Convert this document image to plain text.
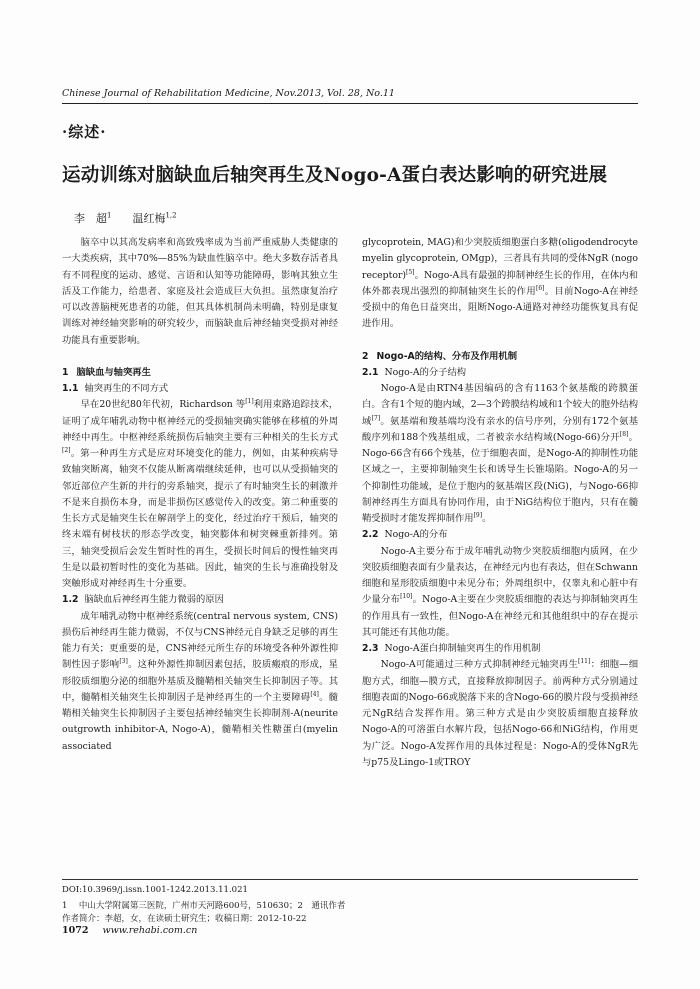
Chinese Journal of Rehabilitation Medicine, Nov.2013, Vol. 28, No.11
·综述·
运动训练对脑缺血后轴突再生及Nogo-A蛋白表达影响的研究进展
李　超$^1$ 温红梅$^{1,2}$

脑卒中以其高发病率和高致残率成为当前严重威胁人类健康的一大类疾病，其中70%—85%为缺血性脑卒中。绝大多数存活者具有不同程度的运动、感觉、言语和认知等功能障碍，影响其独立生活及工作能力，给患者、家庭及社会造成巨大负担。虽然康复治疗可以改善脑梗死患者的功能，但其具体机制尚未明确，特别是康复训练对神经轴突影响的研究较少，而脑缺血后神经轴突受损对神经功能具有重要影响。

1 脑缺血与轴突再生
1.1 轴突再生的不同方式

早在20世纪80年代初，Richardson 等[1]利用束路追踪技术，证明了成年哺乳动物中枢神经元的受损轴突确实能够在移植的外周神经中再生。中枢神经系统损伤后轴突主要有三种相关的生长方式[2]。第一种再生方式是应对环境变化的能力，例如，由某种疾病导致轴突断离，轴突不仅能从断离端继续延伸，也可以从受损轴突的邻近部位产生新的并行的旁系轴突，提示了有时轴突生长的刺激并不是来自损伤本身，而是非损伤区感觉传入的改变。第二种重要的生长方式是轴突生长在解剖学上的变化，经过治疗干预后，轴突的终末端有树枝状的形态学改变，轴突膨体和树突棘重新排列。第三，轴突受损后会发生暂时性的再生，受损长时间后的慢性轴突再生是以最初暂时性的变化为基础。因此，轴突的生长与准确投射及突触形成对神经再生十分重要。

1.2 脑缺血后神经再生能力微弱的原因

成年哺乳动物中枢神经系统(central nervous system, CNS)损伤后神经再生能力微弱，不仅与CNS神经元自身缺乏足够的再生能力有关；更重要的是，CNS神经元所生存的环境受各种外源性抑制性因子影响[3]。这种外源性抑制因素包括，胶质瘢痕的形成，星形胶质细胞分泌的细胞外基质及髓鞘相关轴突生长抑制因子等。其中，髓鞘相关轴突生长抑制因子是神经再生的一个主要障碍[4]。髓鞘相关轴突生长抑制因子主要包括神经轴突生长抑制剂-A(neurite outgrowth inhibitor-A, Nogo-A)，髓鞘相关性糖蛋白(myelin associated

glycoprotein, MAG)和少突胶质细胞蛋白多糖(oligodendrocyte myelin glycoprotein, OMgp)，三者具有共同的受体NgR (nogo receptor)[5]。Nogo-A具有最强的抑制神经生长的作用，在体内和体外都表现出强烈的抑制轴突生长的作用[6]。目前Nogo-A在神经受损中的角色日益突出，阻断Nogo-A通路对神经功能恢复具有促进作用。

2 Nogo-A的结构、分布及作用机制
2.1 Nogo-A的分子结构

Nogo-A是由RTN4基因编码的含有1163个氨基酸的跨膜蛋白。含有1个短的胞内域，2—3个跨膜结构域和1个较大的胞外结构域[7]。氨基端和羧基端均没有亲水的信号序列，分别有172个氨基酸序列和188个残基组成，二者被亲水结构域(Nogo-66)分开[8]。Nogo-66含有66个残基，位于细胞表面，是Nogo-A的抑制性功能区域之一，主要抑制轴突生长和诱导生长锥塌陷。Nogo-A的另一个抑制性功能域，是位于胞内的氨基端区段(NiG)，与Nogo-66抑制神经再生方面具有协同作用，由于NiG结构位于胞内，只有在髓鞘受损时才能发挥抑制作用[9]。

2.2 Nogo-A的分布

Nogo-A主要分布于成年哺乳动物少突胶质细胞内质网，在少突胶质细胞表面有少量表达，在神经元内也有表达，但在Schwann细胞和星形胶质细胞中未见分布；外周组织中，仅睾丸和心脏中有少量分布[10]。Nogo-A主要在少突胶质细胞的表达与抑制轴突再生的作用具有一致性，但Nogo-A在神经元和其他组织中的存在提示其可能还有其他功能。

2.3 Nogo-A蛋白抑制轴突再生的作用机制

Nogo-A可能通过三种方式抑制神经元轴突再生[11]：细胞—细胞方式，细胞—膜方式，直接释放抑制因子。前两种方式分别通过细胞表面的Nogo-66或脱落下来的含Nogo-66的膜片段与受损神经元NgR结合发挥作用。第三种方式是由少突胶质细胞直接释放Nogo-A的可溶蛋白水解片段，包括Nogo-66和NiG结构，作用更为广泛。Nogo-A发挥作用的具体过程是：Nogo-A的受体NgR先与p75及Lingo-1或TROY

DOI:10.3969/j.issn.1001-1242.2013.11.021
1 中山大学附属第三医院，广州市天河路600号，510630；2　通讯作者
作者简介：李超，女，在读硕士研究生；收稿日期：2012-10-22
1072 www.rehabi.com.cn
